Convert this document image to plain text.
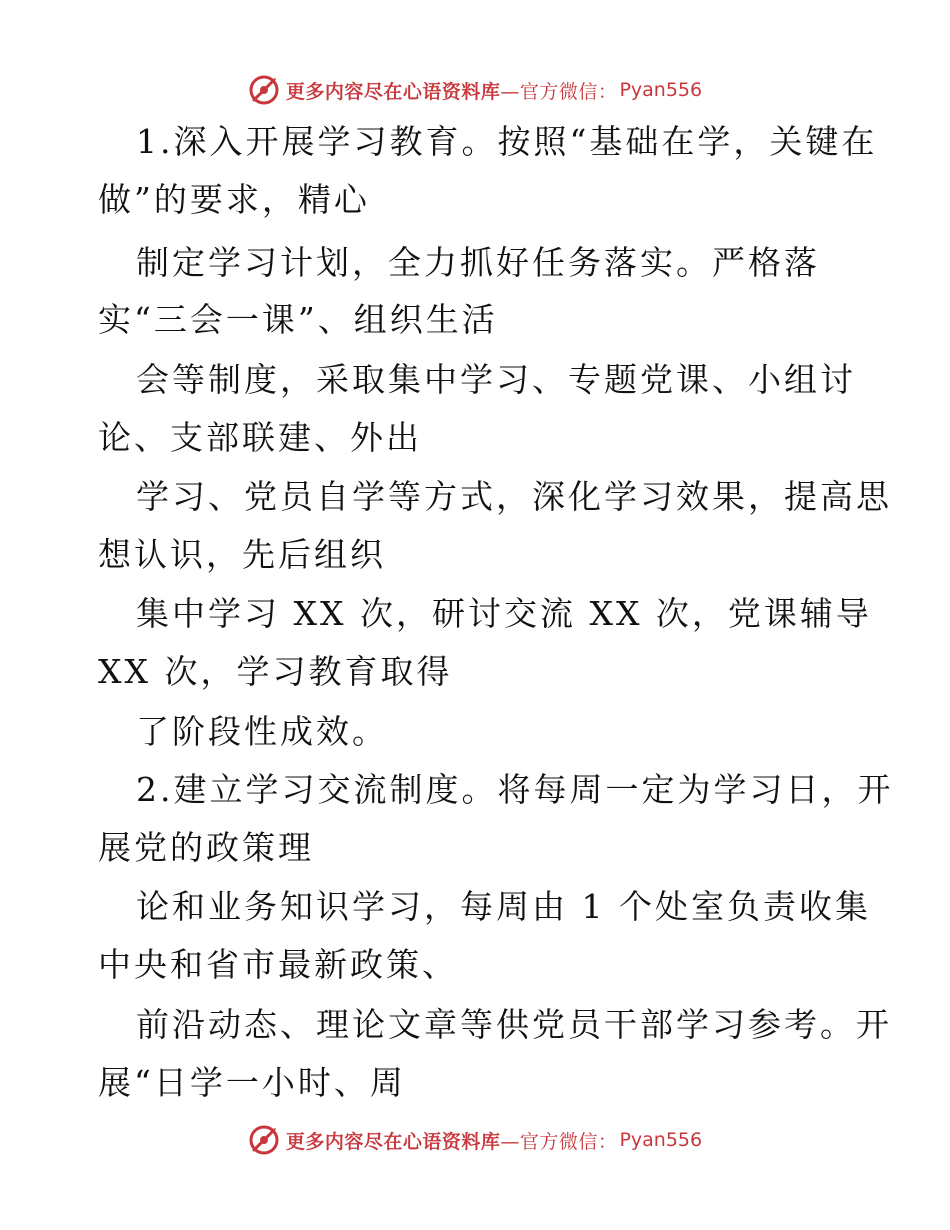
更多内容尽在心语资料库 —官方微信： Pyan556
1.深入开展学习教育。按照“基础在学，关键在
做”的要求，精心
制定学习计划，全力抓好任务落实。严格落
实“三会一课”、组织生活
会等制度，采取集中学习、专题党课、小组讨
论、支部联建、外出
学习、党员自学等方式，深化学习效果，提高思
想认识，先后组织
集中学习 XX 次，研讨交流 XX 次，党课辅导
XX 次，学习教育取得
了阶段性成效。
2.建立学习交流制度。将每周一定为学习日，开
展党的政策理
论和业务知识学习，每周由 1 个处室负责收集
中央和省市最新政策、
前沿动态、理论文章等供党员干部学习参考。开
展“日学一小时、周
更多内容尽在心语资料库 —官方微信： Pyan556
